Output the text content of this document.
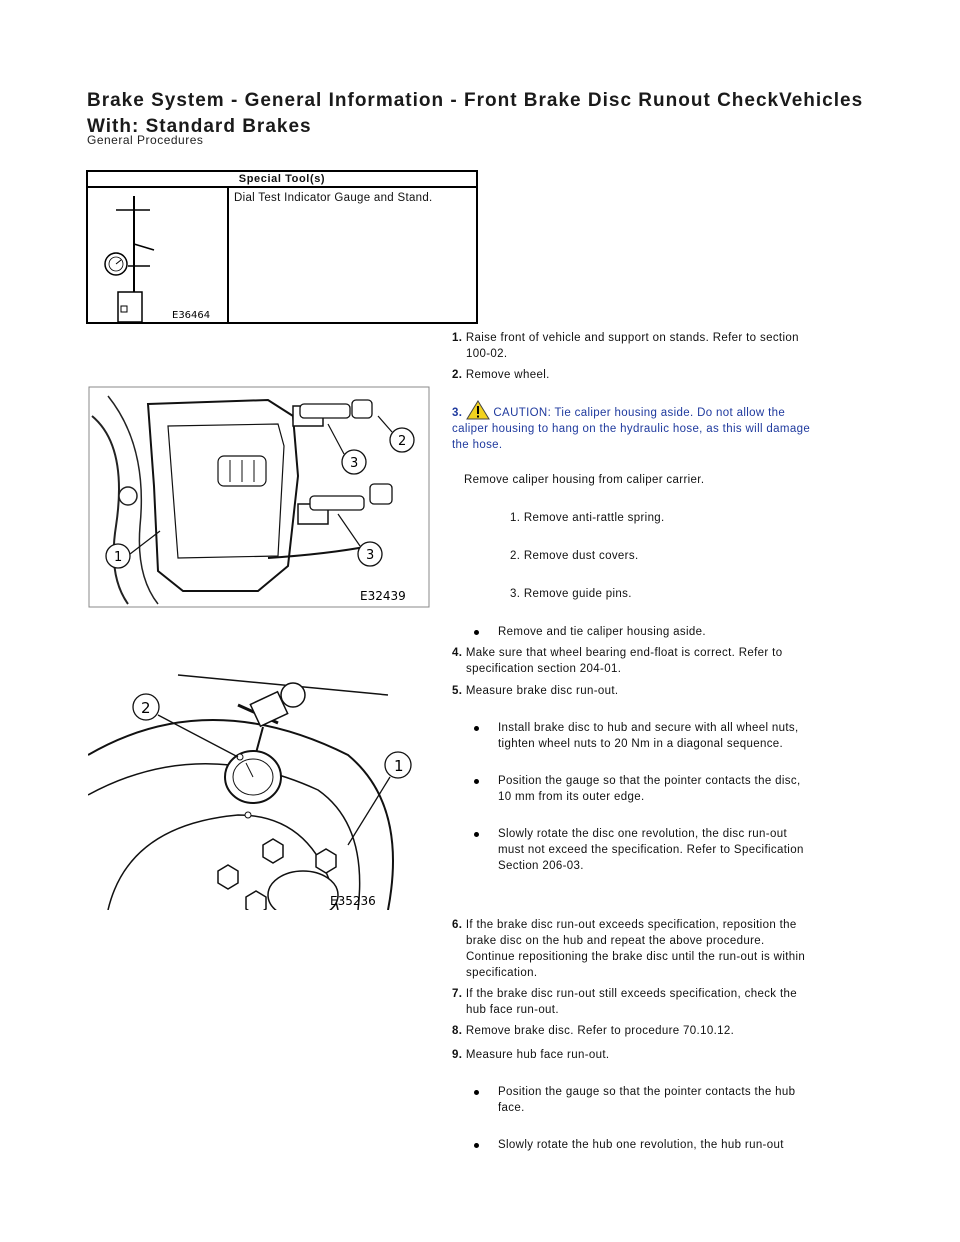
Brake System - General Information - Front Brake Disc Runout CheckVehicles With: Standard Brakes
General Procedures
Special Tool(s)
E36464
Dial Test Indicator Gauge and Stand.
1
2
3
3
E32439
2
1
E35236
1. Raise front of vehicle and support on stands. Refer to section
100-02.
2. Remove wheel.
3.	CAUTION: Tie caliper housing aside. Do not allow the
caliper housing to hang on the hydraulic hose, as this will damage
the hose.
Remove caliper housing from caliper carrier.
1. Remove anti-rattle spring.
2. Remove dust covers.
3. Remove guide pins.
Remove and tie caliper housing aside.
4. Make sure that wheel bearing end-float is correct. Refer to
specification section 204-01.
5. Measure brake disc run-out.
Install brake disc to hub and secure with all wheel nuts,
tighten wheel nuts to 20 Nm in a diagonal sequence.
Position the gauge so that the pointer contacts the disc,
10 mm from its outer edge.
Slowly rotate the disc one revolution, the disc run-out
must not exceed the specification. Refer to Specification
Section 206-03.
6. If the brake disc run-out exceeds specification, reposition the
brake disc on the hub and repeat the above procedure.
Continue repositioning the brake disc until the run-out is within
specification.
7. If the brake disc run-out still exceeds specification, check the
hub face run-out.
8. Remove brake disc. Refer to procedure 70.10.12.
9. Measure hub face run-out.
Position the gauge so that the pointer contacts the hub
face.
Slowly rotate the hub one revolution, the hub run-out
